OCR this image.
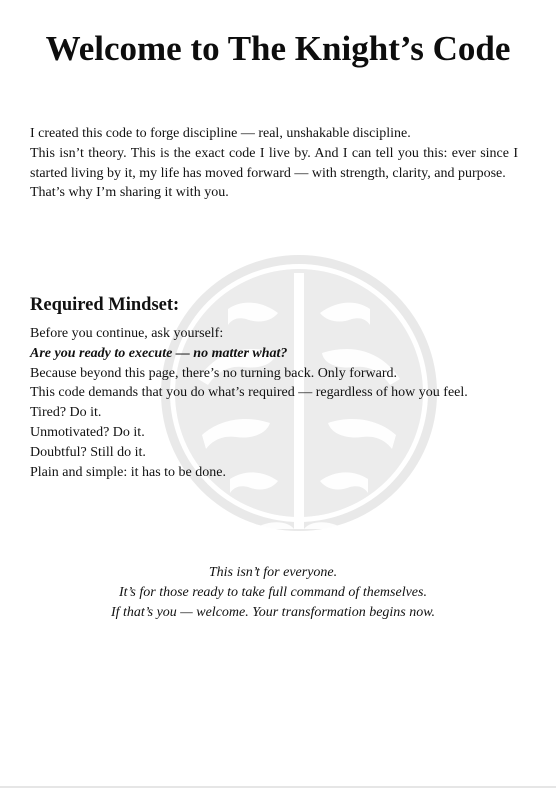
Welcome to The Knight’s Code

I created this code to forge discipline — real, unshakable discipline.

This isn’t theory. This is the exact code I live by. And I can tell you this: ever since I started living by it, my life has moved forward — with strength, clarity, and purpose.

That’s why I’m sharing it with you.

Required Mindset:

Before you continue, ask yourself:

Are you ready to execute — no matter what?

Because beyond this page, there’s no turning back. Only forward.

This code demands that you do what’s required — regardless of how you feel.

Tired? Do it.

Unmotivated? Do it.

Doubtful? Still do it.

Plain and simple: it has to be done.

This isn’t for everyone.

It’s for those ready to take full command of themselves.

If that’s you — welcome. Your transformation begins now.
